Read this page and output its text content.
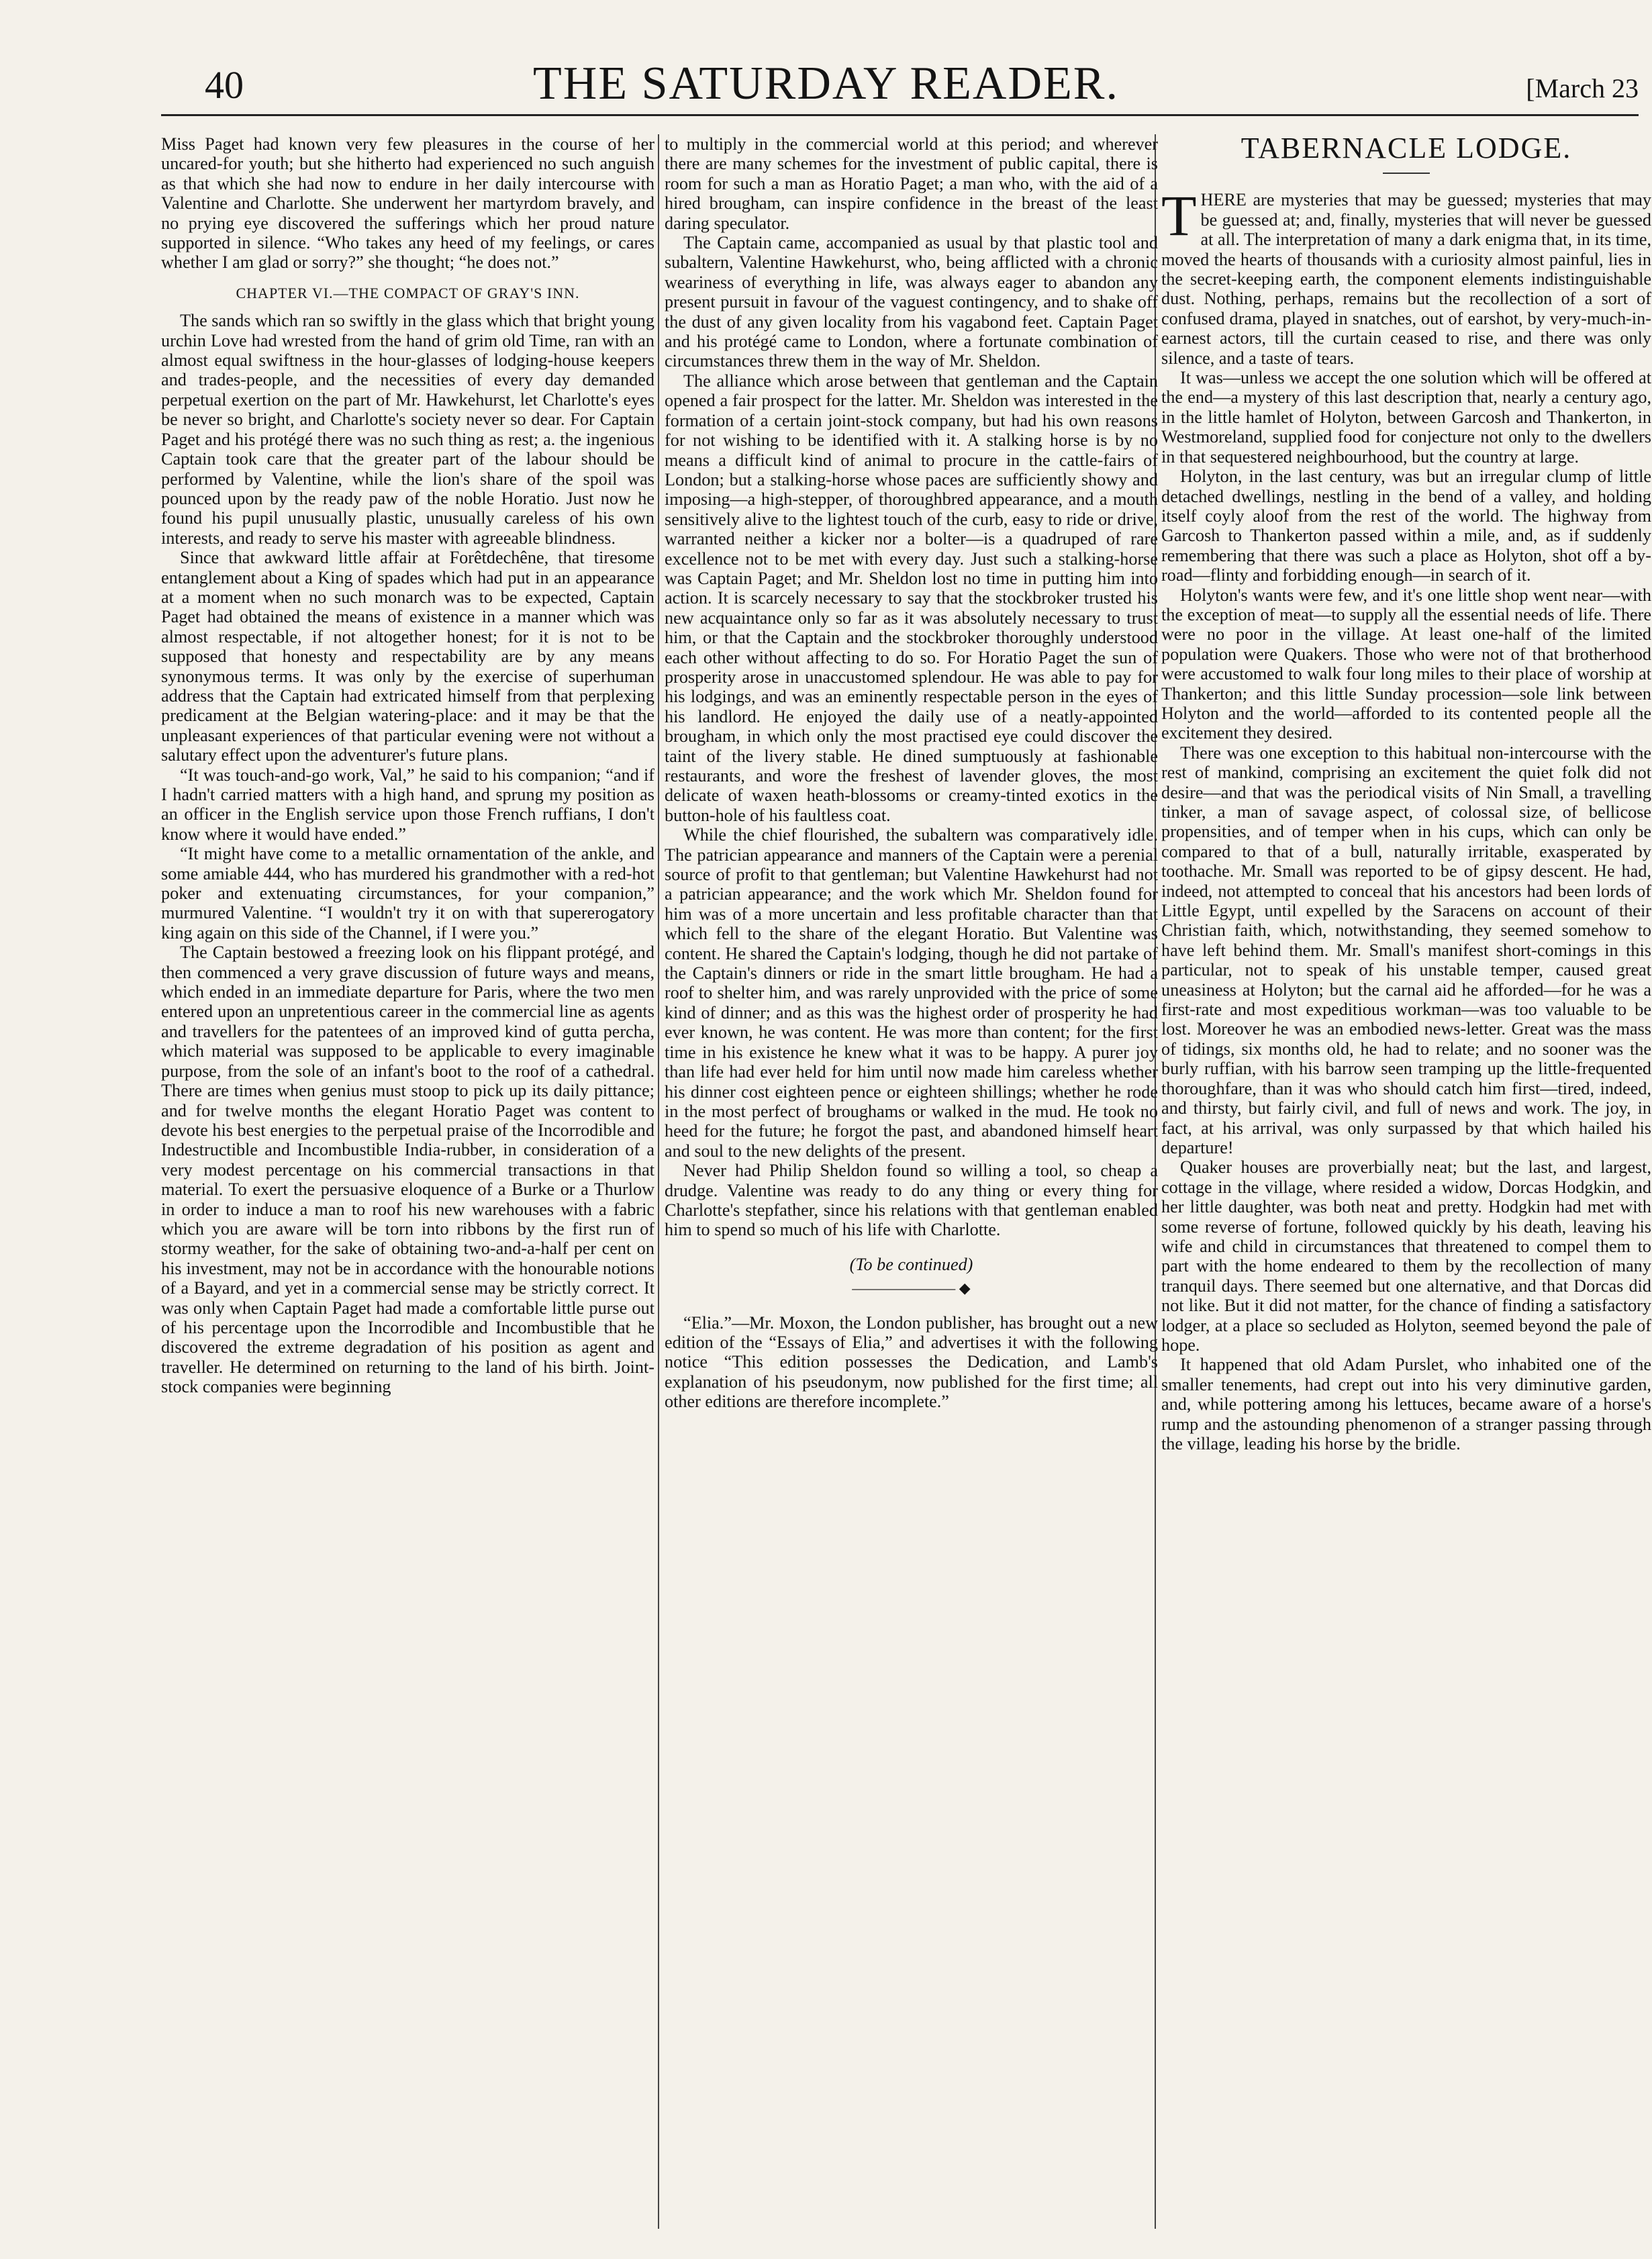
40	THE SATURDAY READER.	[March 23

Miss Paget had known very few pleasures in the course of her uncared-for youth; but she hitherto had experienced no such anguish as that which she had now to endure in her daily intercourse with Valentine and Charlotte. She underwent her martyrdom bravely, and no prying eye discovered the sufferings which her proud nature supported in silence. “Who takes any heed of my feelings, or cares whether I am glad or sorry?” she thought; “he does not.”

CHAPTER VI.—THE COMPACT OF GRAY'S INN.

The sands which ran so swiftly in the glass which that bright young urchin Love had wrested from the hand of grim old Time, ran with an almost equal swiftness in the hour-glasses of lodging-house keepers and trades-people, and the necessities of every day demanded perpetual exertion on the part of Mr. Hawkehurst, let Charlotte's eyes be never so bright, and Charlotte's society never so dear. For Captain Paget and his protégé there was no such thing as rest; a. the ingenious Captain took care that the greater part of the labour should be performed by Valentine, while the lion's share of the spoil was pounced upon by the ready paw of the noble Horatio. Just now he found his pupil unusually plastic, unusually careless of his own interests, and ready to serve his master with agreeable blindness.

Since that awkward little affair at Forêtdechêne, that tiresome entanglement about a King of spades which had put in an appearance at a moment when no such monarch was to be expected, Captain Paget had obtained the means of existence in a manner which was almost respectable, if not altogether honest; for it is not to be supposed that honesty and respectability are by any means synonymous terms. It was only by the exercise of superhuman address that the Captain had extricated himself from that perplexing predicament at the Belgian watering-place: and it may be that the unpleasant experiences of that particular evening were not without a salutary effect upon the adventurer's future plans.

“It was touch-and-go work, Val,” he said to his companion; “and if I hadn't carried matters with a high hand, and sprung my position as an officer in the English service upon those French ruffians, I don't know where it would have ended.”

“It might have come to a metallic ornamentation of the ankle, and some amiable 444, who has murdered his grandmother with a red-hot poker and extenuating circumstances, for your companion,” murmured Valentine. “I wouldn't try it on with that supererogatory king again on this side of the Channel, if I were you.”

The Captain bestowed a freezing look on his flippant protégé, and then commenced a very grave discussion of future ways and means, which ended in an immediate departure for Paris, where the two men entered upon an unpretentious career in the commercial line as agents and travellers for the patentees of an improved kind of gutta percha, which material was supposed to be applicable to every imaginable purpose, from the sole of an infant's boot to the roof of a cathedral. There are times when genius must stoop to pick up its daily pittance; and for twelve months the elegant Horatio Paget was content to devote his best energies to the perpetual praise of the Incorrodible and Indestructible and Incombustible India-rubber, in consideration of a very modest percentage on his commercial transactions in that material. To exert the persuasive eloquence of a Burke or a Thurlow in order to induce a man to roof his new warehouses with a fabric which you are aware will be torn into ribbons by the first run of stormy weather, for the sake of obtaining two-and-a-half per cent on his investment, may not be in accordance with the honourable notions of a Bayard, and yet in a commercial sense may be strictly correct. It was only when Captain Paget had made a comfortable little purse out of his percentage upon the Incorrodible and Incombustible that he discovered the extreme degradation of his position as agent and traveller. He determined on returning to the land of his birth. Joint-stock companies were beginning

to multiply in the commercial world at this period; and wherever there are many schemes for the investment of public capital, there is room for such a man as Horatio Paget; a man who, with the aid of a hired brougham, can inspire confidence in the breast of the least daring speculator.

The Captain came, accompanied as usual by that plastic tool and subaltern, Valentine Hawkehurst, who, being afflicted with a chronic weariness of everything in life, was always eager to abandon any present pursuit in favour of the vaguest contingency, and to shake off the dust of any given locality from his vagabond feet. Captain Paget and his protégé came to London, where a fortunate combination of circumstances threw them in the way of Mr. Sheldon.

The alliance which arose between that gentleman and the Captain opened a fair prospect for the latter. Mr. Sheldon was interested in the formation of a certain joint-stock company, but had his own reasons for not wishing to be identified with it. A stalking horse is by no means a difficult kind of animal to procure in the cattle-fairs of London; but a stalking-horse whose paces are sufficiently showy and imposing—a high-stepper, of thoroughbred appearance, and a mouth sensitively alive to the lightest touch of the curb, easy to ride or drive, warranted neither a kicker nor a bolter—is a quadruped of rare excellence not to be met with every day. Just such a stalking-horse was Captain Paget; and Mr. Sheldon lost no time in putting him into action. It is scarcely necessary to say that the stockbroker trusted his new acquaintance only so far as it was absolutely necessary to trust him, or that the Captain and the stockbroker thoroughly understood each other without affecting to do so. For Horatio Paget the sun of prosperity arose in unaccustomed splendour. He was able to pay for his lodgings, and was an eminently respectable person in the eyes of his landlord. He enjoyed the daily use of a neatly-appointed brougham, in which only the most practised eye could discover the taint of the livery stable. He dined sumptuously at fashionable restaurants, and wore the freshest of lavender gloves, the most delicate of waxen heath-blossoms or creamy-tinted exotics in the button-hole of his faultless coat.

While the chief flourished, the subaltern was comparatively idle. The patrician appearance and manners of the Captain were a perenial source of profit to that gentleman; but Valentine Hawkehurst had not a patrician appearance; and the work which Mr. Sheldon found for him was of a more uncertain and less profitable character than that which fell to the share of the elegant Horatio. But Valentine was content. He shared the Captain's lodging, though he did not partake of the Captain's dinners or ride in the smart little brougham. He had a roof to shelter him, and was rarely unprovided with the price of some kind of dinner; and as this was the highest order of prosperity he had ever known, he was content. He was more than content; for the first time in his existence he knew what it was to be happy. A purer joy than life had ever held for him until now made him careless whether his dinner cost eighteen pence or eighteen shillings; whether he rode in the most perfect of broughams or walked in the mud. He took no heed for the future; he forgot the past, and abandoned himself heart and soul to the new delights of the present.

Never had Philip Sheldon found so willing a tool, so cheap a drudge. Valentine was ready to do any thing or every thing for Charlotte's stepfather, since his relations with that gentleman enabled him to spend so much of his life with Charlotte.

(To be continued)
——————— ◆

“Elia.”—Mr. Moxon, the London publisher, has brought out a new edition of the “Essays of Elia,” and advertises it with the following notice “This edition possesses the Dedication, and Lamb's explanation of his pseudonym, now published for the first time; all other editions are therefore incomplete.”

TABERNACLE LODGE.

THERE are mysteries that may be guessed; mysteries that may be guessed at; and, finally, mysteries that will never be guessed at all. The interpretation of many a dark enigma that, in its time, moved the hearts of thousands with a curiosity almost painful, lies in the secret-keeping earth, the component elements indistinguishable dust. Nothing, perhaps, remains but the recollection of a sort of confused drama, played in snatches, out of earshot, by very-much-in-earnest actors, till the curtain ceased to rise, and there was only silence, and a taste of tears.

It was—unless we accept the one solution which will be offered at the end—a mystery of this last description that, nearly a century ago, in the little hamlet of Holyton, between Garcosh and Thankerton, in Westmoreland, supplied food for conjecture not only to the dwellers in that sequestered neighbourhood, but the country at large.

Holyton, in the last century, was but an irregular clump of little detached dwellings, nestling in the bend of a valley, and holding itself coyly aloof from the rest of the world. The highway from Garcosh to Thankerton passed within a mile, and, as if suddenly remembering that there was such a place as Holyton, shot off a by-road—flinty and forbidding enough—in search of it.

Holyton's wants were few, and it's one little shop went near—with the exception of meat—to supply all the essential needs of life. There were no poor in the village. At least one-half of the limited population were Quakers. Those who were not of that brotherhood were accustomed to walk four long miles to their place of worship at Thankerton; and this little Sunday procession—sole link between Holyton and the world—afforded to its contented people all the excitement they desired.

There was one exception to this habitual non-intercourse with the rest of mankind, comprising an excitement the quiet folk did not desire—and that was the periodical visits of Nin Small, a travelling tinker, a man of savage aspect, of colossal size, of bellicose propensities, and of temper when in his cups, which can only be compared to that of a bull, naturally irritable, exasperated by toothache. Mr. Small was reported to be of gipsy descent. He had, indeed, not attempted to conceal that his ancestors had been lords of Little Egypt, until expelled by the Saracens on account of their Christian faith, which, notwithstanding, they seemed somehow to have left behind them. Mr. Small's manifest short-comings in this particular, not to speak of his unstable temper, caused great uneasiness at Holyton; but the carnal aid he afforded—for he was a first-rate and most expeditious workman—was too valuable to be lost. Moreover he was an embodied news-letter. Great was the mass of tidings, six months old, he had to relate; and no sooner was the burly ruffian, with his barrow seen tramping up the little-frequented thoroughfare, than it was who should catch him first—tired, indeed, and thirsty, but fairly civil, and full of news and work. The joy, in fact, at his arrival, was only surpassed by that which hailed his departure!

Quaker houses are proverbially neat; but the last, and largest, cottage in the village, where resided a widow, Dorcas Hodgkin, and her little daughter, was both neat and pretty. Hodgkin had met with some reverse of fortune, followed quickly by his death, leaving his wife and child in circumstances that threatened to compel them to part with the home endeared to them by the recollection of many tranquil days. There seemed but one alternative, and that Dorcas did not like. But it did not matter, for the chance of finding a satisfactory lodger, at a place so secluded as Holyton, seemed beyond the pale of hope.

It happened that old Adam Purslet, who inhabited one of the smaller tenements, had crept out into his very diminutive garden, and, while pottering among his lettuces, became aware of a horse's rump and the astounding phenomenon of a stranger passing through the village, leading his horse by the bridle.
